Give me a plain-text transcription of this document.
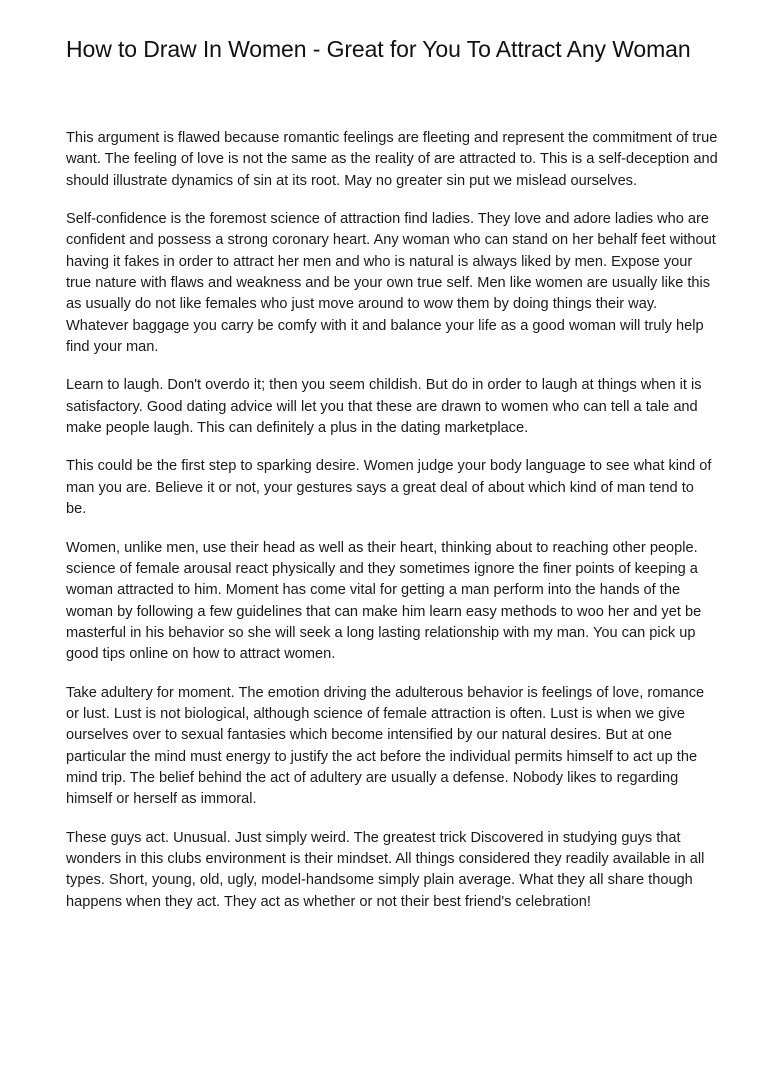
How to Draw In Women - Great for You To Attract Any Woman

This argument is flawed because romantic feelings are fleeting and represent the commitment of true want. The feeling of love is not the same as the reality of are attracted to. This is a self-deception and should illustrate dynamics of sin at its root. May no greater sin put we mislead ourselves.

Self-confidence is the foremost science of attraction find ladies. They love and adore ladies who are confident and possess a strong coronary heart. Any woman who can stand on her behalf feet without having it fakes in order to attract her men and who is natural is always liked by men. Expose your true nature with flaws and weakness and be your own true self. Men like women are usually like this as usually do not like females who just move around to wow them by doing things their way. Whatever baggage you carry be comfy with it and balance your life as a good woman will truly help find your man.

Learn to laugh. Don't overdo it; then you seem childish. But do in order to laugh at things when it is satisfactory. Good dating advice will let you that these are drawn to women who can tell a tale and make people laugh. This can definitely a plus in the dating marketplace.

This could be the first step to sparking desire. Women judge your body language to see what kind of man you are. Believe it or not, your gestures says a great deal of about which kind of man tend to be.

Women, unlike men, use their head as well as their heart, thinking about to reaching other people. science of female arousal react physically and they sometimes ignore the finer points of keeping a woman attracted to him. Moment has come vital for getting a man perform into the hands of the woman by following a few guidelines that can make him learn easy methods to woo her and yet be masterful in his behavior so she will seek a long lasting relationship with my man. You can pick up good tips online on how to attract women.

Take adultery for moment. The emotion driving the adulterous behavior is feelings of love, romance or lust. Lust is not biological, although science of female attraction is often. Lust is when we give ourselves over to sexual fantasies which become intensified by our natural desires. But at one particular the mind must energy to justify the act before the individual permits himself to act up the mind trip. The belief behind the act of adultery are usually a defense. Nobody likes to regarding himself or herself as immoral.

These guys act. Unusual. Just simply weird. The greatest trick Discovered in studying guys that wonders in this clubs environment is their mindset. All things considered they readily available in all types. Short, young, old, ugly, model-handsome simply plain average. What they all share though happens when they act. They act as whether or not their best friend's celebration!
